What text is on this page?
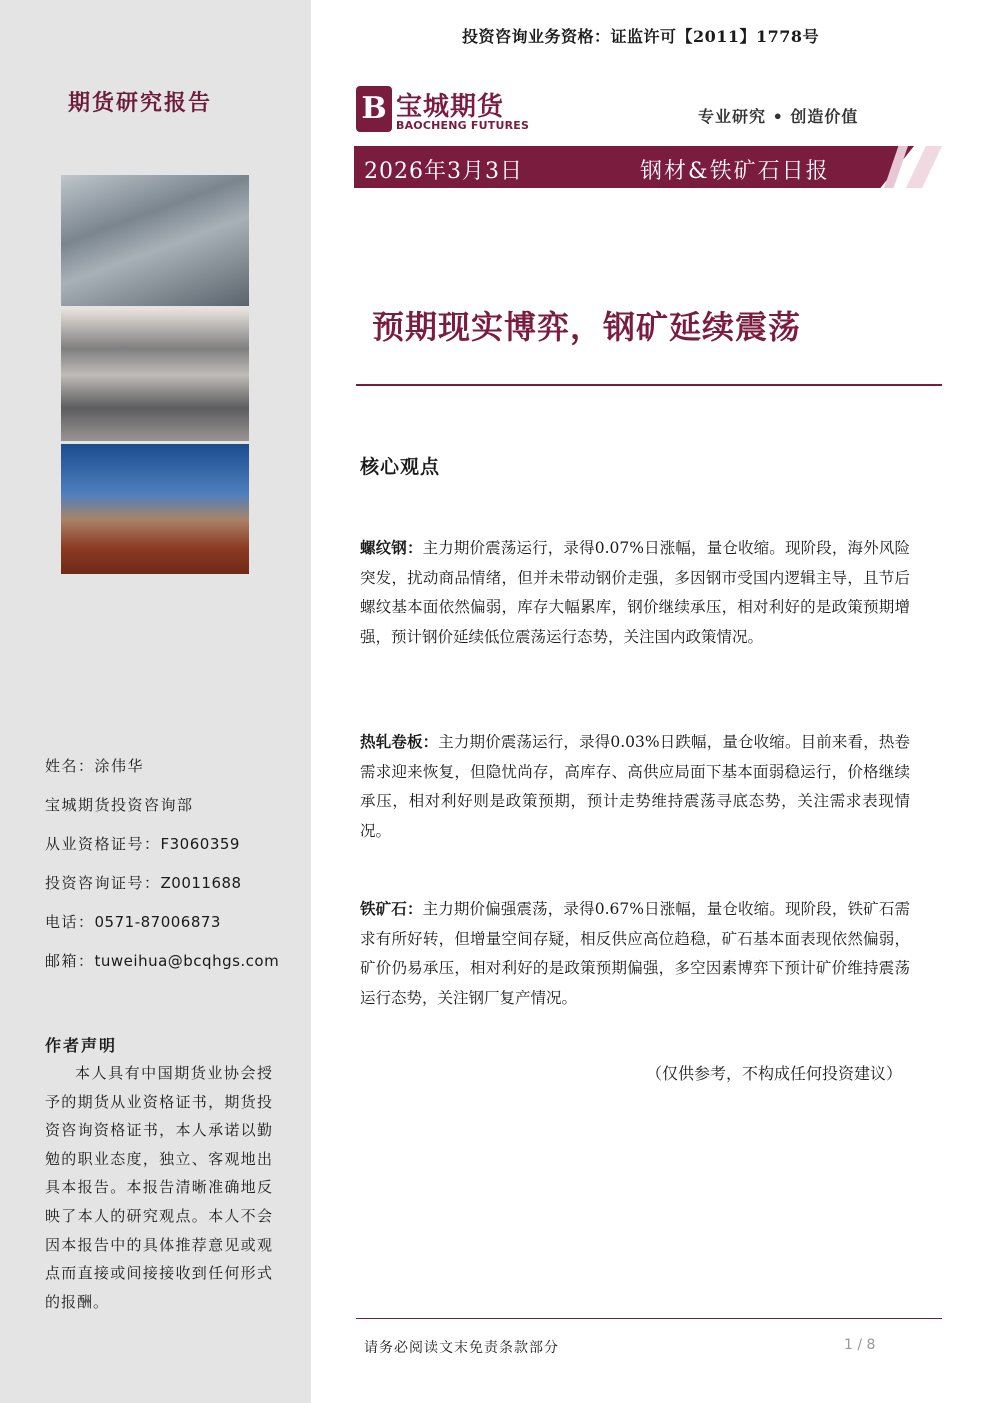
投资咨询业务资格：证监许可【2011】1778号
期货研究报告	B 宝城期货
BAOCHENG FUTURES	专业研究 • 创造价值
2026年3月3日	钢材&铁矿石日报
预期现实博弈，钢矿延续震荡
核心观点
螺纹钢：主力期价震荡运行，录得0.07%日涨幅，量仓收缩。现阶段，海外风险突发，扰动商品情绪，但并未带动钢价走强，多因钢市受国内逻辑主导，且节后螺纹基本面依然偏弱，库存大幅累库，钢价继续承压，相对利好的是政策预期增强，预计钢价延续低位震荡运行态势，关注国内政策情况。
热轧卷板：主力期价震荡运行，录得0.03%日跌幅，量仓收缩。目前来看，热卷需求迎来恢复，但隐忧尚存，高库存、高供应局面下基本面弱稳运行，价格继续承压，相对利好则是政策预期，预计走势维持震荡寻底态势，关注需求表现情况。
铁矿石：主力期价偏强震荡，录得0.67%日涨幅，量仓收缩。现阶段，铁矿石需求有所好转，但增量空间存疑，相反供应高位趋稳，矿石基本面表现依然偏弱，矿价仍易承压，相对利好的是政策预期偏强，多空因素博弈下预计矿价维持震荡运行态势，关注钢厂复产情况。
（仅供参考，不构成任何投资建议）
姓名：涂伟华
宝城期货投资咨询部
从业资格证号：F3060359
投资咨询证号：Z0011688
电话：0571-87006873
邮箱：tuweihua@bcqhgs.com
作者声明
本人具有中国期货业协会授予的期货从业资格证书，期货投资咨询资格证书，本人承诺以勤勉的职业态度，独立、客观地出具本报告。本报告清晰准确地反映了本人的研究观点。本人不会因本报告中的具体推荐意见或观点而直接或间接接收到任何形式的报酬。
请务必阅读文末免责条款部分	1 / 8
